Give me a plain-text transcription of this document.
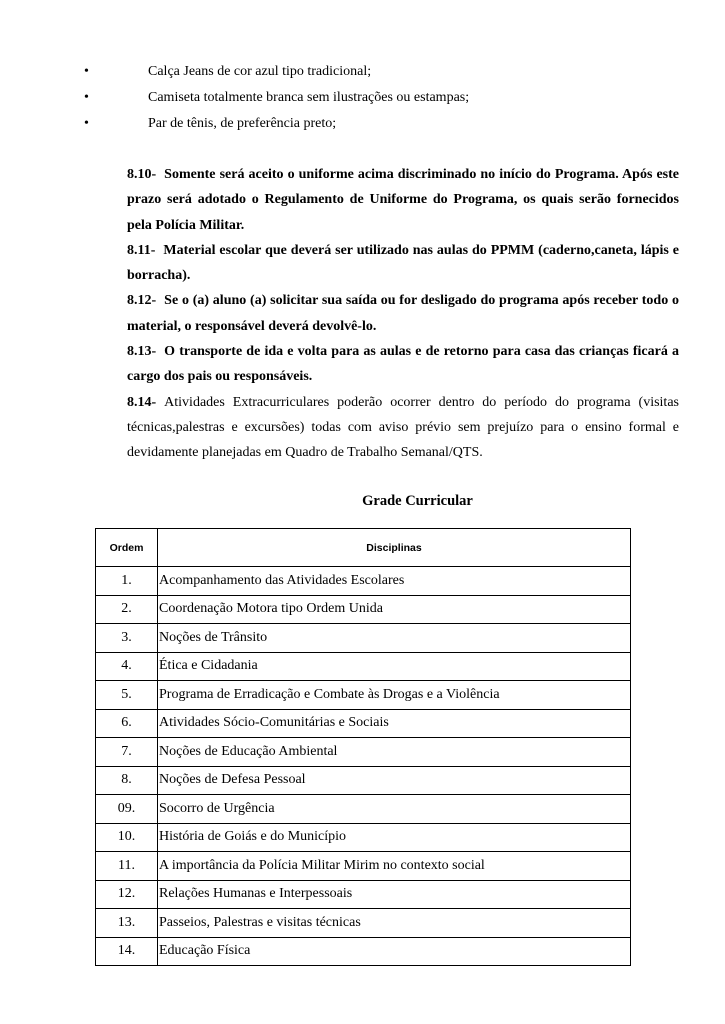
•	Calça Jeans de cor azul tipo tradicional;
•	Camiseta totalmente branca sem ilustrações ou estampas;
•	Par de tênis, de preferência preto;

8.10- Somente será aceito o uniforme acima discriminado no início do Programa. Após este prazo será adotado o Regulamento de Uniforme do Programa, os quais serão fornecidos pela Polícia Militar.

8.11- Material escolar que deverá ser utilizado nas aulas do PPMM (caderno,caneta, lápis e borracha).

8.12- Se o (a) aluno (a) solicitar sua saída ou for desligado do programa após receber todo o material, o responsável deverá devolvê-lo.

8.13- O transporte de ida e volta para as aulas e de retorno para casa das crianças ficará a cargo dos pais ou responsáveis.

8.14- Atividades Extracurriculares poderão ocorrer dentro do período do programa (visitas técnicas,palestras e excursões) todas com aviso prévio sem prejuízo para o ensino formal e devidamente planejadas em Quadro de Trabalho Semanal/QTS.

Grade Curricular
Ordem	Disciplinas
1.	Acompanhamento das Atividades Escolares
2.	Coordenação Motora tipo Ordem Unida
3.	Noções de Trânsito
4.	Ética e Cidadania
5.	Programa de Erradicação e Combate às Drogas e a Violência
6.	Atividades Sócio-Comunitárias e Sociais
7.	Noções de Educação Ambiental
8.	Noções de Defesa Pessoal
09.	Socorro de Urgência
10.	História de Goiás e do Município
11.	A importância da Polícia Militar Mirim no contexto social
12.	Relações Humanas e Interpessoais
13.	Passeios, Palestras e visitas técnicas
14.	Educação Física
